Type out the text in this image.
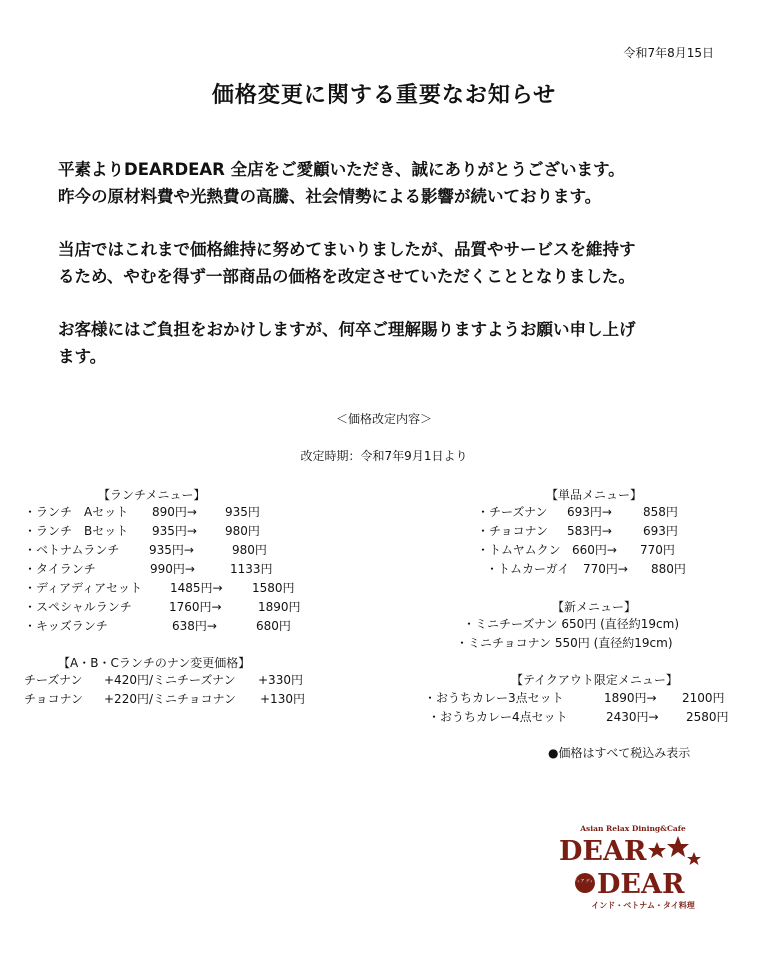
令和7年8月15日
価格変更に関する重要なお知らせ
平素よりDEARDEAR 全店をご愛顧いただき、誠にありがとうございます。
昨今の原材料費や光熱費の高騰、社会情勢による影響が続いております。
当店ではこれまで価格維持に努めてまいりましたが、品質やサービスを維持す
るため、やむを得ず一部商品の価格を改定させていただくこととなりました。
お客様にはご負担をおかけしますが、何卒ご理解賜りますようお願い申し上げ
ます。
＜価格改定内容＞
改定時期：令和7年9月1日より
【ランチメニュー】
・ランチ　Aセット 890円→ 935円
・ランチ　Bセット 935円→ 980円
・ベトナムランチ 935円→	980円
・タイランチ	990円→	1133円
・ディアディアセット 1485円→ 1580円
・スペシャルランチ	1760円→	1890円
・キッズランチ	638円→	680円
【A・B・Cランチのナン変更価格】
チーズナン +420円/ミニチーズナン +330円
チョコナン +220円/ミニチョコナン +130円
【単品メニュー】
・チーズナン 693円→	858円
・チョコナン 583円→	693円
・トムヤムクン 660円→ 770円
・トムカーガイ 770円→ 880円
【新メニュー】
・ミニチーズナン 650円 (直径約19cm)
・ミニチョコナン 550円 (直径約19cm)
【テイクアウト限定メニュー】
・おうちカレー3点セット	1890円→ 2100円
・おうちカレー4点セット	2430円→ 2580円
●価格はすべて税込み表示
Asian Relax Dining&Cafe
DEAR
ディア ディア DEAR
インド・ベトナム・タイ料理
